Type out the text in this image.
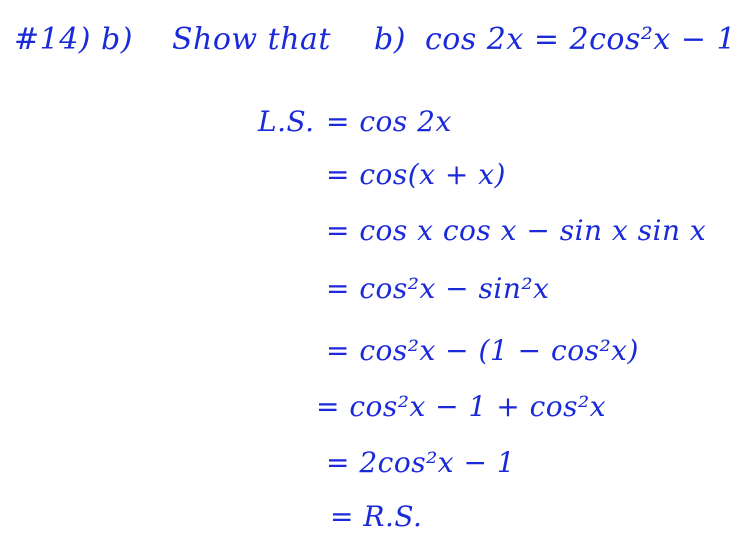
#14) b) Show that b) cos 2x = 2cos²x − 1
L.S. = cos 2x
= cos(x + x)
= cos x cos x − sin x sin x
= cos²x − sin²x
= cos²x − (1 − cos²x)
= cos²x − 1 + cos²x
= 2cos²x − 1
= R.S.
